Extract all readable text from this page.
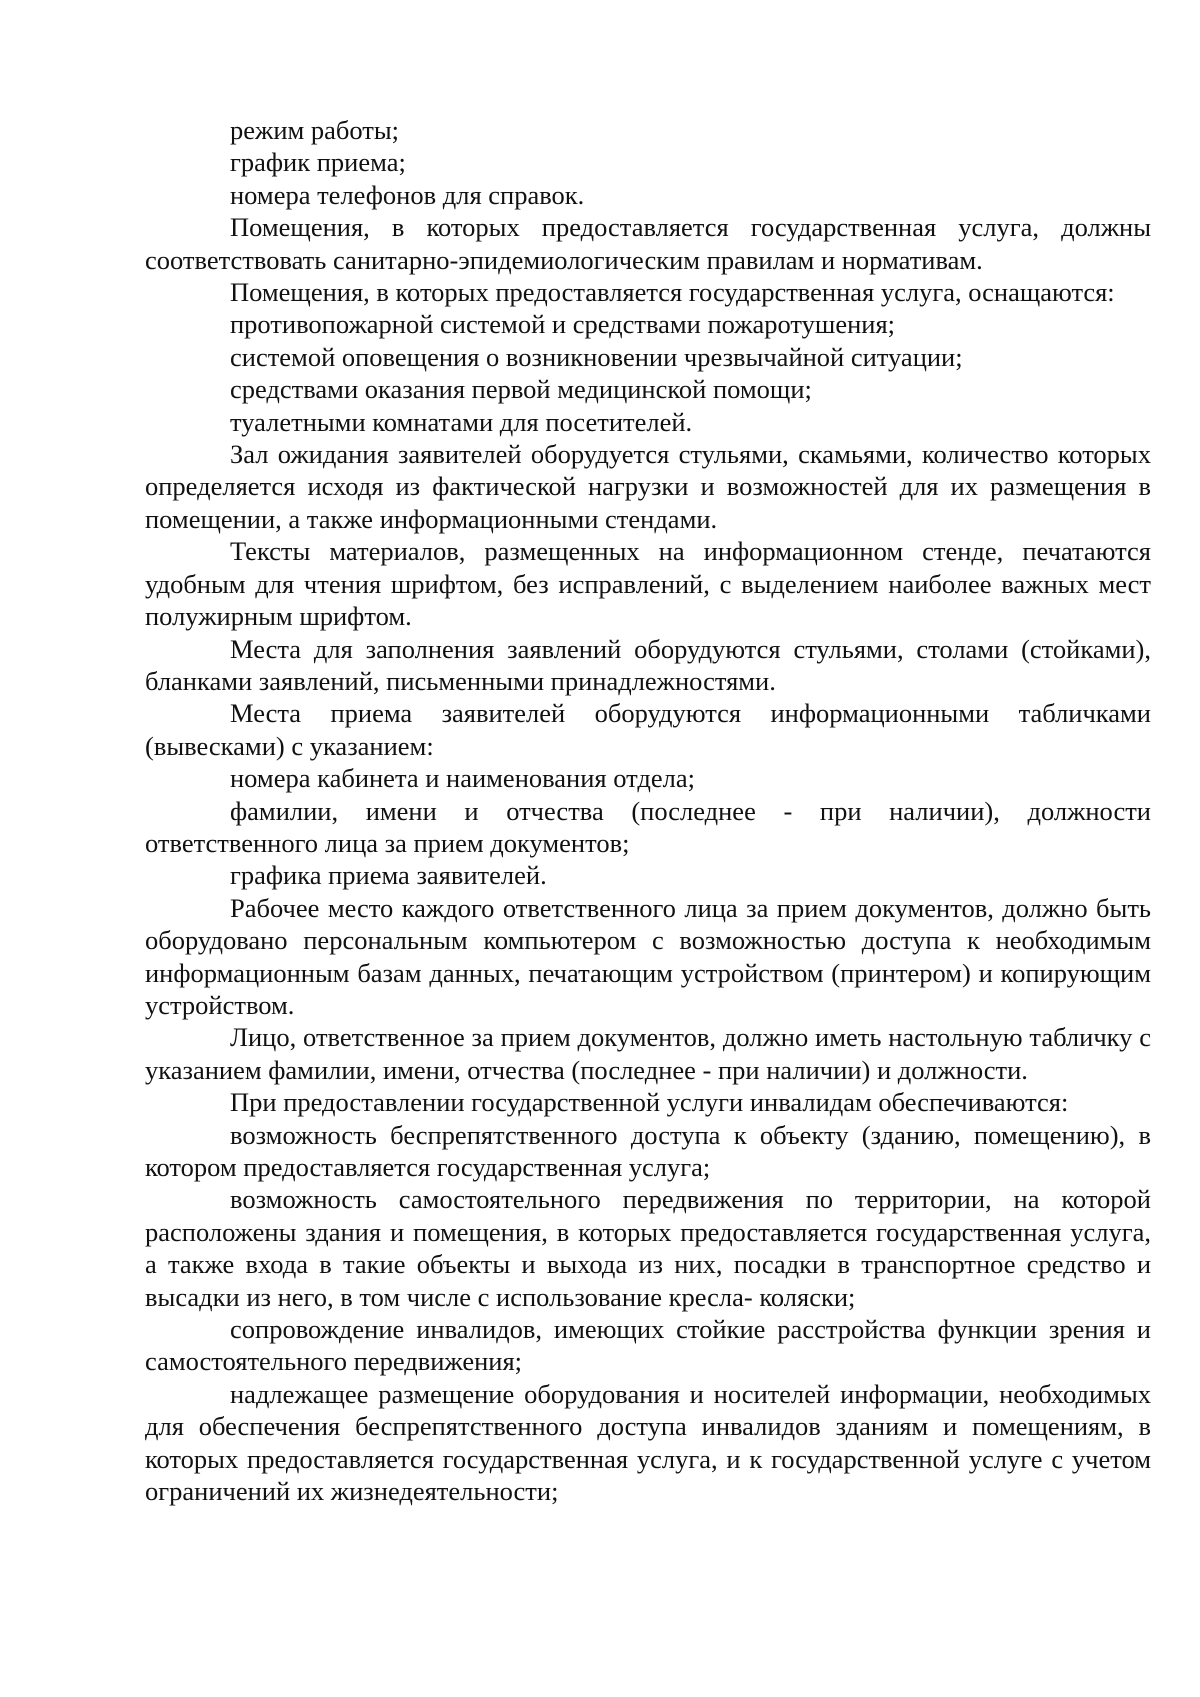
режим работы;

график приема;

номера телефонов для справок.

Помещения, в которых предоставляется государственная услуга, должны соответствовать санитарно-эпидемиологическим правилам и нормативам.

Помещения, в которых предоставляется государственная услуга, оснащаются:

противопожарной системой и средствами пожаротушения;

системой оповещения о возникновении чрезвычайной ситуации;

средствами оказания первой медицинской помощи;

туалетными комнатами для посетителей.

Зал ожидания заявителей оборудуется стульями, скамьями, количество которых определяется исходя из фактической нагрузки и возможностей для их размещения в помещении, а также информационными стендами.

Тексты материалов, размещенных на информационном стенде, печатаются удобным для чтения шрифтом, без исправлений, с выделением наиболее важных мест полужирным шрифтом.

Места для заполнения заявлений оборудуются стульями, столами (стойками), бланками заявлений, письменными принадлежностями.

Места приема заявителей оборудуются информационными табличками (вывесками) с указанием:

номера кабинета и наименования отдела;

фамилии, имени и отчества (последнее - при наличии), должности ответственного лица за прием документов;

графика приема заявителей.

Рабочее место каждого ответственного лица за прием документов, должно быть оборудовано персональным компьютером с возможностью доступа к необходимым информационным базам данных, печатающим устройством (принтером) и копирующим устройством.

Лицо, ответственное за прием документов, должно иметь настольную табличку с указанием фамилии, имени, отчества (последнее - при наличии) и должности.

При предоставлении государственной услуги инвалидам обеспечиваются:

возможность беспрепятственного доступа к объекту (зданию, помещению), в котором предоставляется государственная услуга;

возможность самостоятельного передвижения по территории, на которой расположены здания и помещения, в которых предоставляется государственная услуга, а также входа в такие объекты и выхода из них, посадки в транспортное средство и высадки из него, в том числе с использование кресла- коляски;

сопровождение инвалидов, имеющих стойкие расстройства функции зрения и самостоятельного передвижения;

надлежащее размещение оборудования и носителей информации, необходимых для обеспечения беспрепятственного доступа инвалидов зданиям и помещениям, в которых предоставляется государственная услуга, и к государственной услуге с учетом ограничений их жизнедеятельности;
